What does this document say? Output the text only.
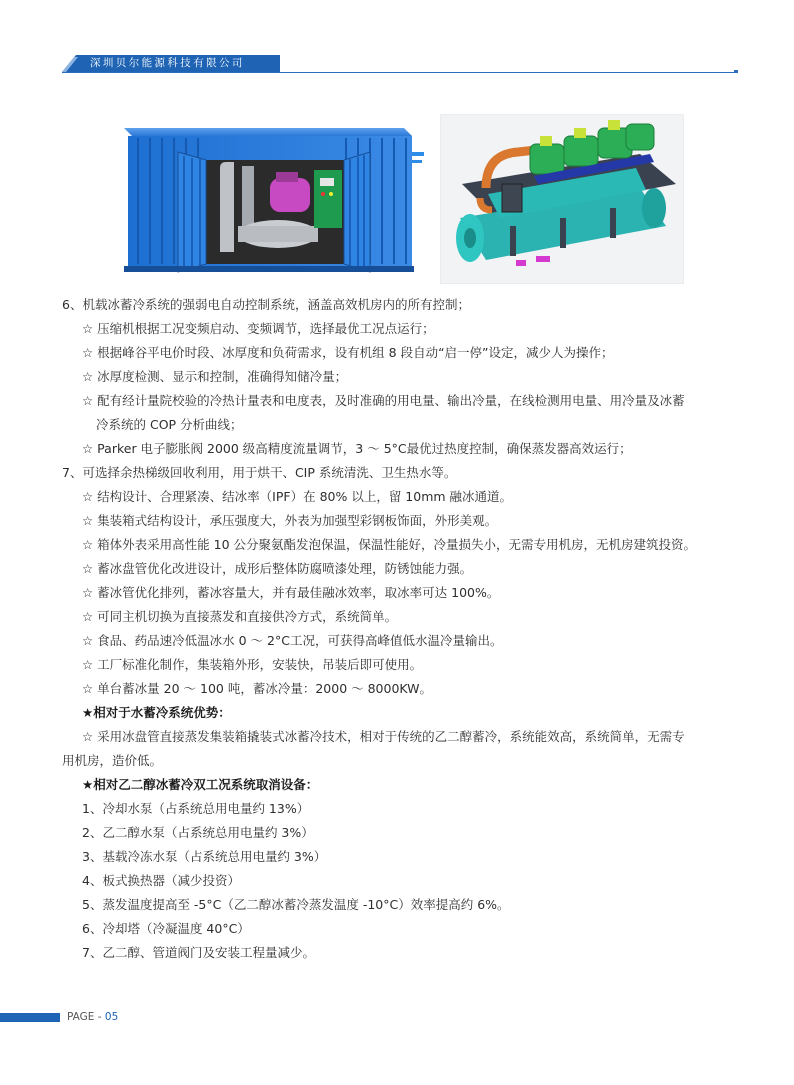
深圳贝尔能源科技有限公司
6、机载冰蓄冷系统的强弱电自动控制系统，涵盖高效机房内的所有控制；
☆ 压缩机根据工况变频启动、变频调节，选择最优工况点运行；
☆ 根据峰谷平电价时段、冰厚度和负荷需求，设有机组 8 段自动“启一停”设定，减少人为操作；
☆ 冰厚度检测、显示和控制，准确得知储冷量；
☆ 配有经计量院校验的冷热计量表和电度表，及时准确的用电量、输出冷量，在线检测用电量、用冷量及冰蓄
冷系统的 COP 分析曲线；
☆ Parker 电子膨胀阀 2000 级高精度流量调节，3 ～ 5°C最优过热度控制，确保蒸发器高效运行；
7、可选择余热梯级回收利用，用于烘干、CIP 系统清洗、卫生热水等。
☆ 结构设计、合理紧凑、结冰率（IPF）在 80% 以上，留 10mm 融冰通道。
☆ 集装箱式结构设计，承压强度大，外表为加强型彩钢板饰面，外形美观。
☆ 箱体外表采用高性能 10 公分聚氨酯发泡保温，保温性能好，冷量损失小，无需专用机房，无机房建筑投资。
☆ 蓄冰盘管优化改进设计，成形后整体防腐喷漆处理，防锈蚀能力强。
☆ 蓄冰管优化排列，蓄冰容量大，并有最佳融冰效率，取冰率可达 100%。
☆ 可同主机切换为直接蒸发和直接供冷方式，系统简单。
☆ 食品、药品速冷低温冰水 0 ～ 2°C工况，可获得高峰值低水温冷量输出。
☆ 工厂标准化制作，集装箱外形，安装快，吊装后即可使用。
☆ 单台蓄冰量 20 ～ 100 吨，蓄冰冷量：2000 ～ 8000KW。
★相对于水蓄冷系统优势：
☆ 采用冰盘管直接蒸发集装箱撬装式冰蓄冷技术，相对于传统的乙二醇蓄冷，系统能效高，系统简单，无需专
用机房，造价低。
★相对乙二醇冰蓄冷双工况系统取消设备：
1、冷却水泵（占系统总用电量约 13%）
2、乙二醇水泵（占系统总用电量约 3%）
3、基载冷冻水泵（占系统总用电量约 3%）
4、板式换热器（减少投资）
5、蒸发温度提高至 -5°C（乙二醇冰蓄冷蒸发温度 -10°C）效率提高约 6%。
6、冷却塔（冷凝温度 40°C）
7、乙二醇、管道阀门及安装工程量减少。
PAGE - 05
